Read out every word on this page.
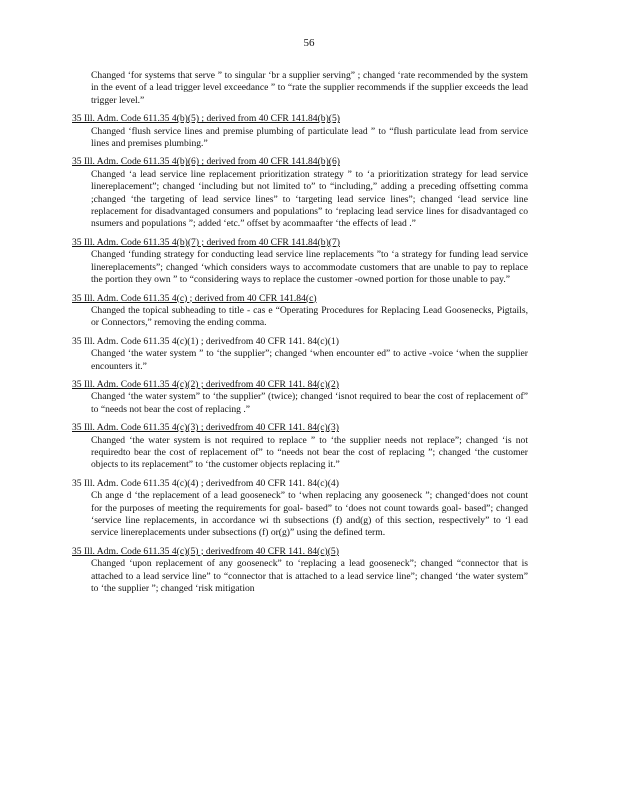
56
Changed ‘for systems that serve ” to singular ‘br a supplier serving” ; changed ‘rate recommended by the system in the event of a lead trigger level exceedance ” to “rate the supplier recommends if the supplier exceeds the lead trigger level.”
35 Ill. Adm. Code 611.35 4(b)(5) ; derived from 40 CFR 141.84(b)(5)
Changed ‘flush service lines and premise plumbing of particulate lead ” to “flush particulate lead from service lines and premises plumbing.”
35 Ill. Adm. Code 611.35 4(b)(6) ; derived from 40 CFR 141.84(b)(6)
Changed ‘a lead service line replacement prioritization strategy ” to ‘a prioritization strategy for lead service linereplacement”; changed ‘including but not limited to” to “including,” adding a preceding offsetting comma ;changed ‘the targeting of lead service lines” to ‘targeting lead service lines”; changed ‘lead service line replacement for disadvantaged consumers and populations” to ‘replacing lead service lines for disadvantaged co nsumers and populations ”; added ‘etc.” offset by acommaafter ‘the effects of lead .”
35 Ill. Adm. Code 611.35 4(b)(7) ; derived from 40 CFR 141.84(b)(7)
Changed ‘funding strategy for conducting lead service line replacements ”to ‘a strategy for funding lead service linereplacements”; changed ‘which considers ways to accommodate customers that are unable to pay to replace the portion they own ” to “considering ways to replace the customer -owned portion for those unable to pay.”
35 Ill. Adm. Code 611.35 4(c) ; derived from 40 CFR 141.84(c)
Changed the topical subheading to title - cas e “Operating Procedures for Replacing Lead Goosenecks, Pigtails, or Connectors,” removing the ending comma.
35 Ill. Adm. Code 611.35 4(c)(1) ; derivedfrom 40 CFR 141. 84(c)(1)
Changed ‘the water system ” to ‘the supplier”; changed ‘when encounter ed” to active -voice ‘when the supplier encounters it.”
35 Ill. Adm. Code 611.35 4(c)(2) ; derivedfrom 40 CFR 141. 84(c)(2)
Changed ‘the water system” to ‘the supplier” (twice); changed ‘isnot required to bear the cost of replacement of” to “needs not bear the cost of replacing .”
35 Ill. Adm. Code 611.35 4(c)(3) ; derivedfrom 40 CFR 141. 84(c)(3)
Changed ‘the water system is not required to replace ” to ‘the supplier needs not replace”; changed ‘is not requiredto bear the cost of replacement of” to “needs not bear the cost of replacing ”; changed ‘the customer objects to its replacement” to ‘the customer objects replacing it.”
35 Ill. Adm. Code 611.35 4(c)(4) ; derivedfrom 40 CFR 141. 84(c)(4)
Ch ange d ‘the replacement of a lead gooseneck” to ‘when replacing any gooseneck ”; changed‘does not count for the purposes of meeting the requirements for goal- based” to ‘does not count towards goal- based”; changed ‘service line replacements, in accordance wi th subsections (f) and(g) of this section, respectively” to ‘l ead service linereplacements under subsections (f) or(g)” using the defined term.
35 Ill. Adm. Code 611.35 4(c)(5) ; derivedfrom 40 CFR 141. 84(c)(5)
Changed ‘upon replacement of any gooseneck” to ‘replacing a lead gooseneck”; changed “connector that is attached to a lead service line” to “connector that is attached to a lead service line”; changed ‘the water system” to ‘the supplier ”; changed ‘risk mitigation
